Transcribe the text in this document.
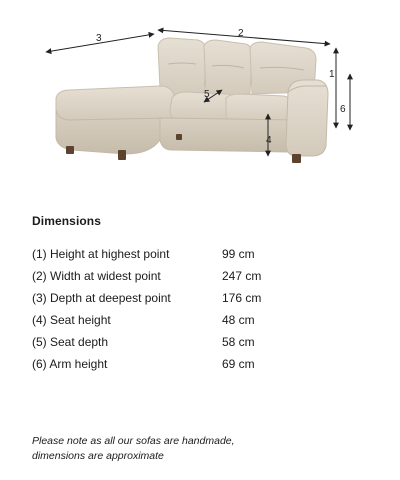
3	2
1
6
4
5
Dimensions
(1) Height at highest point	99 cm
(2) Width at widest point	247 cm
(3) Depth at deepest point	176 cm
(4) Seat height	48 cm
(5) Seat depth	58 cm
(6) Arm height	69 cm
Please note as all our sofas are handmade,
dimensions are approximate
